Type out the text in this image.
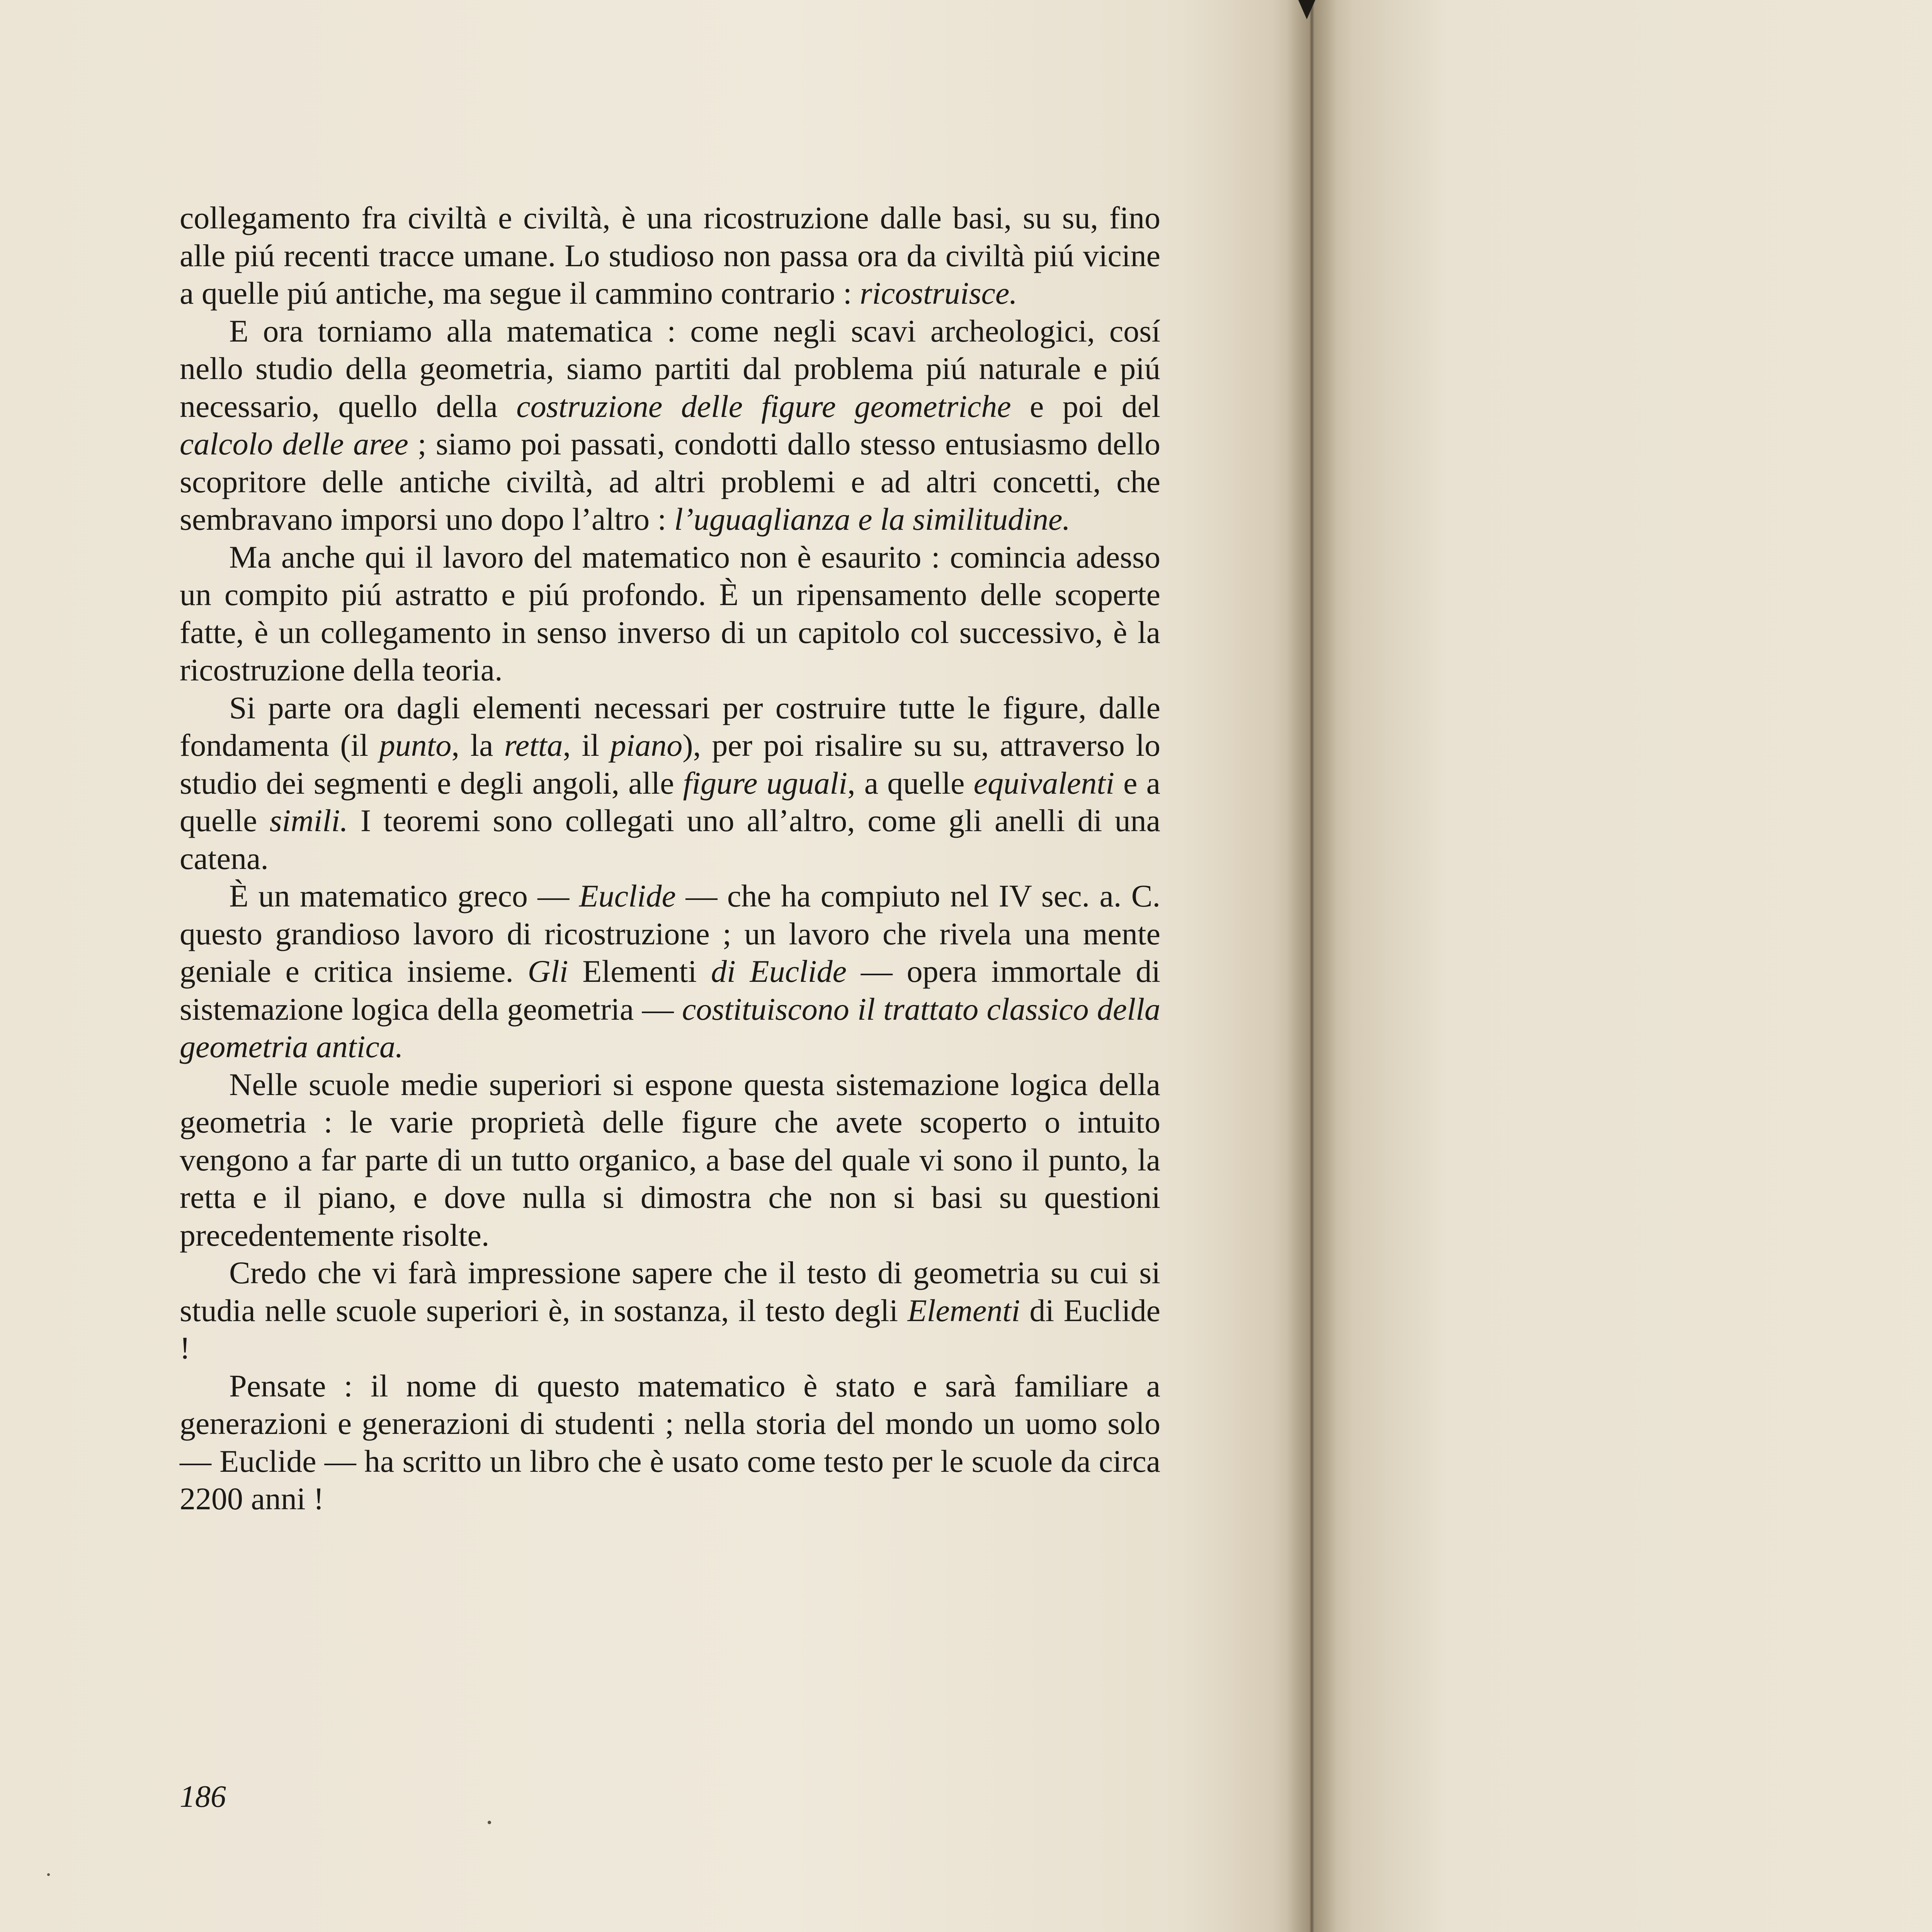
collegamento fra civiltà e civiltà, è una ricostruzione dalle basi, su su, fino alle piú recenti tracce umane. Lo studioso non passa ora da civiltà piú vicine a quelle piú antiche, ma segue il cammino contrario : ricostruisce.

E ora torniamo alla matematica : come negli scavi archeologici, cosí nello studio della geometria, siamo partiti dal problema piú naturale e piú necessario, quello della costruzione delle figure geometriche e poi del calcolo delle aree ; siamo poi passati, condotti dallo stesso entusiasmo dello scopritore delle antiche civiltà, ad altri problemi e ad altri concetti, che sembravano imporsi uno dopo l’altro : l’uguaglianza e la similitudine.

Ma anche qui il lavoro del matematico non è esaurito : comincia adesso un compito piú astratto e piú profondo. È un ripensamento delle scoperte fatte, è un collegamento in senso inverso di un capitolo col successivo, è la ricostruzione della teoria.

Si parte ora dagli elementi necessari per costruire tutte le figure, dalle fondamenta (il punto, la retta, il piano), per poi risalire su su, attraverso lo studio dei segmenti e degli angoli, alle figure uguali, a quelle equivalenti e a quelle simili. I teoremi sono collegati uno all’altro, come gli anelli di una catena.

È un matematico greco — Euclide — che ha compiuto nel IV sec. a. C. questo grandioso lavoro di ricostruzione ; un lavoro che rivela una mente geniale e critica insieme. Gli Elementi di Euclide — opera immortale di sistemazione logica della geometria — costituiscono il trattato classico della geometria antica.

Nelle scuole medie superiori si espone questa sistemazione logica della geometria : le varie proprietà delle figure che avete scoperto o intuito vengono a far parte di un tutto organico, a base del quale vi sono il punto, la retta e il piano, e dove nulla si dimostra che non si basi su questioni precedentemente risolte.

Credo che vi farà impressione sapere che il testo di geometria su cui si studia nelle scuole superiori è, in sostanza, il testo degli Elementi di Euclide !

Pensate : il nome di questo matematico è stato e sarà familiare a generazioni e generazioni di studenti ; nella storia del mondo un uomo solo — Euclide — ha scritto un libro che è usato come testo per le scuole da circa 2200 anni !

186
